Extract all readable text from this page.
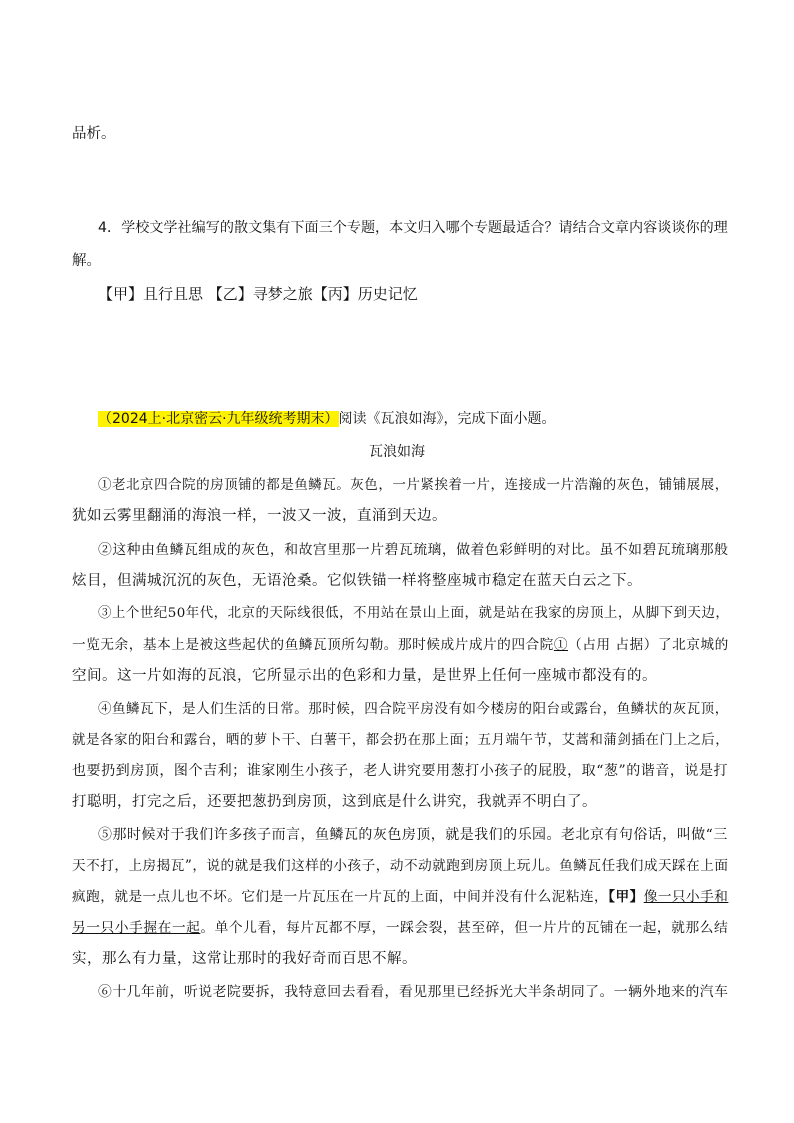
品析。
4．学校文学社编写的散文集有下面三个专题，本文归入哪个专题最适合？请结合文章内容谈谈你的理
解。
【甲】且行且思 【乙】寻梦之旅【丙】历史记忆
（2024上·北京密云·九年级统考期末）阅读《瓦浪如海》，完成下面小题。
瓦浪如海
①老北京四合院的房顶铺的都是鱼鳞瓦。灰色，一片紧挨着一片，连接成一片浩瀚的灰色，铺铺展展，
犹如云雾里翻涌的海浪一样，一波又一波，直涌到天边。
②这种由鱼鳞瓦组成的灰色，和故宫里那一片碧瓦琉璃，做着色彩鲜明的对比。虽不如碧瓦琉璃那般
炫目，但满城沉沉的灰色，无语沧桑。它似铁锚一样将整座城市稳定在蓝天白云之下。
③上个世纪50年代，北京的天际线很低，不用站在景山上面，就是站在我家的房顶上，从脚下到天边，
一览无余，基本上是被这些起伏的鱼鳞瓦顶所勾勒。那时候成片成片的四合院①（占用 占据）了北京城的
空间。这一片如海的瓦浪，它所显示出的色彩和力量，是世界上任何一座城市都没有的。
④鱼鳞瓦下，是人们生活的日常。那时候，四合院平房没有如今楼房的阳台或露台，鱼鳞状的灰瓦顶，
就是各家的阳台和露台，晒的萝卜干、白薯干，都会扔在那上面；五月端午节，艾蒿和蒲剑插在门上之后，
也要扔到房顶，图个吉利；谁家刚生小孩子，老人讲究要用葱打小孩子的屁股，取“葱”的谐音，说是打
打聪明，打完之后，还要把葱扔到房顶，这到底是什么讲究，我就弄不明白了。
⑤那时候对于我们许多孩子而言，鱼鳞瓦的灰色房顶，就是我们的乐园。老北京有句俗话，叫做“三
天不打，上房揭瓦”，说的就是我们这样的小孩子，动不动就跑到房顶上玩儿。鱼鳞瓦任我们成天踩在上面
疯跑，就是一点儿也不坏。它们是一片瓦压在一片瓦的上面，中间并没有什么泥粘连，【甲】像一只小手和
另一只小手握在一起。单个儿看，每片瓦都不厚，一踩会裂，甚至碎，但一片片的瓦铺在一起，就那么结
实，那么有力量，这常让那时的我好奇而百思不解。
⑥十几年前，听说老院要拆，我特意回去看看，看见那里已经拆光大半条胡同了。一辆外地来的汽车
